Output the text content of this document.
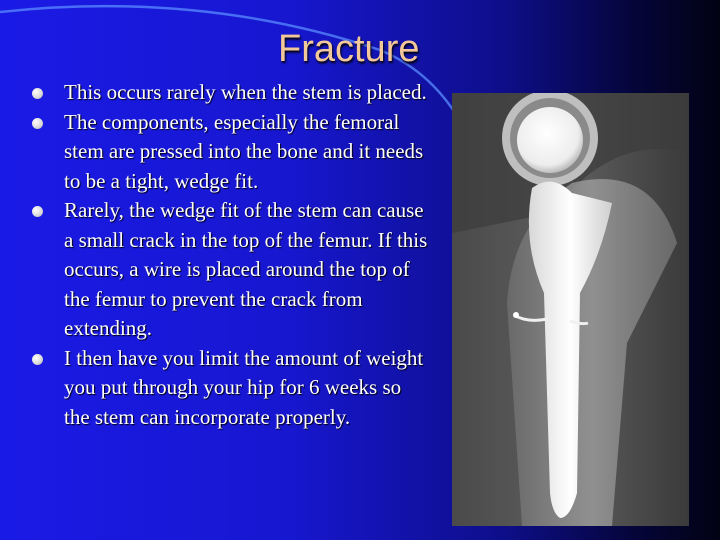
Fracture
This occurs rarely when the stem is placed.
The components, especially the femoral stem are pressed into the bone and it needs to be a tight, wedge fit.
Rarely, the wedge fit of the stem can cause a small crack in the top of the femur. If this occurs, a wire is placed around the top of the femur to prevent the crack from extending.
I then have you limit the amount of weight you put through your hip for 6 weeks so the stem can incorporate properly.
